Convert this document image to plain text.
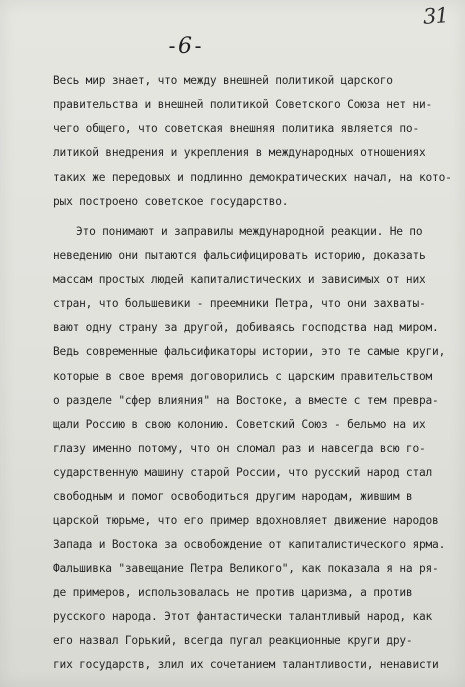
31
-6-
Весь мир знает, что между внешней политикой царского
правительства и внешней политикой Советского Союза нет ни-
чего общего, что советская внешняя политика является по-
литикой внедрения и укрепления в международных отношениях
таких же передовых и подлинно демократических начал, на кото-
рых построено советское государство.
Это понимают и заправилы международной реакции. Не по
неведению они пытаются фальсифицировать историю, доказать
массам простых людей капиталистических и зависимых от них
стран, что большевики - преемники Петра, что они захваты-
вают одну страну за другой, добиваясь господства над миром.
Ведь современные фальсификаторы истории, это те самые круги,
которые в свое время договорились с царским правительством
о разделе "сфер влияния" на Востоке, а вместе с тем превра-
щали Россию в свою колонию. Советский Союз - бельмо на их
глазу именно потому, что он сломал раз и навсегда всю го-
сударственную машину старой России, что русский народ стал
свободным и помог освободиться другим народам, жившим в
царской тюрьме, что его пример вдохновляет движение народов
Запада и Востока за освобождение от капиталистического ярма.
Фальшивка "завещание Петра Великого", как показала я на ря-
де примеров, использовалась не против царизма, а против
русского народа. Этот фантастически талантливый народ, как
его назвал Горький, всегда пугал реакционные круги дру-
гих государств, злил их сочетанием талантливости, ненависти
